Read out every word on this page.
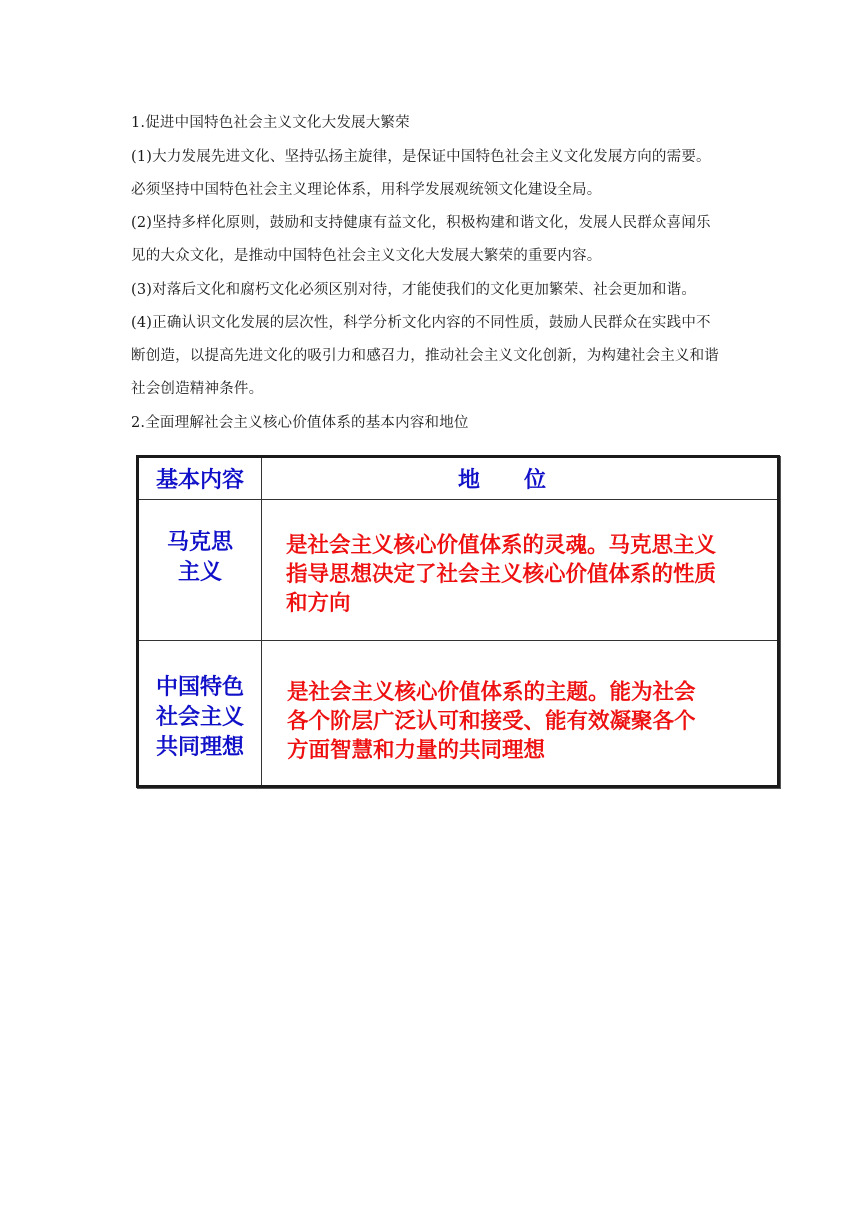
1.促进中国特色社会主义文化大发展大繁荣
(1)大力发展先进文化、坚持弘扬主旋律，是保证中国特色社会主义文化发展方向的需要。
必须坚持中国特色社会主义理论体系，用科学发展观统领文化建设全局。
(2)坚持多样化原则，鼓励和支持健康有益文化，积极构建和谐文化，发展人民群众喜闻乐
见的大众文化，是推动中国特色社会主义文化大发展大繁荣的重要内容。
(3)对落后文化和腐朽文化必须区别对待，才能使我们的文化更加繁荣、社会更加和谐。
(4)正确认识文化发展的层次性，科学分析文化内容的不同性质，鼓励人民群众在实践中不
断创造，以提高先进文化的吸引力和感召力，推动社会主义文化创新，为构建社会主义和谐
社会创造精神条件。
2.全面理解社会主义核心价值体系的基本内容和地位
基本内容	地　　位
马克思
主义
是社会主义核心价值体系的灵魂。马克思主义
指导思想决定了社会主义核心价值体系的性质
和方向
中国特色
社会主义
共同理想
是社会主义核心价值体系的主题。能为社会
各个阶层广泛认可和接受、能有效凝聚各个
方面智慧和力量的共同理想
